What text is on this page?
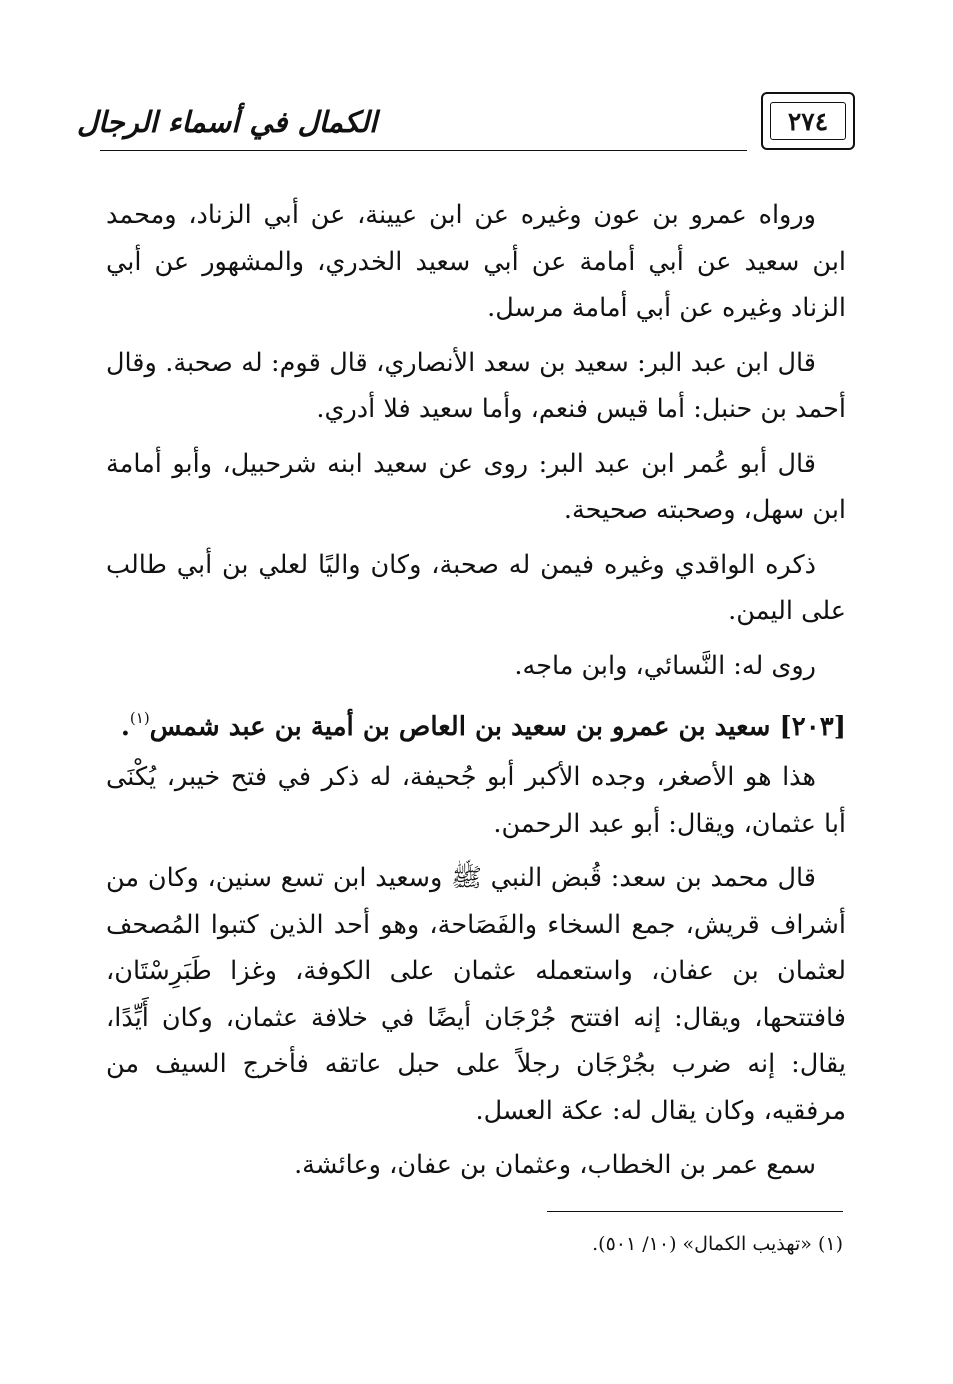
٢٧٤
الكمال في أسماء الرجال

ورواه عمرو بن عون وغيره عن ابن عيينة، عن أبي الزناد، ومحمد ابن سعيد عن أبي أمامة عن أبي سعيد الخدري، والمشهور عن أبي الزناد وغيره عن أبي أمامة مرسل.

قال ابن عبد البر: سعيد بن سعد الأنصاري، قال قوم: له صحبة. وقال أحمد بن حنبل: أما قيس فنعم، وأما سعيد فلا أدري.

قال أبو عُمر ابن عبد البر: روى عن سعيد ابنه شرحبيل، وأبو أمامة ابن سهل، وصحبته صحيحة.

ذكره الواقدي وغيره فيمن له صحبة، وكان واليًا لعلي بن أبي طالب على اليمن.

روى له: النَّسائي، وابن ماجه.

[٢٠٣] سعيد بن عمرو بن سعيد بن العاص بن أمية بن عبد شمس$^{(١)}$.

هذا هو الأصغر، وجده الأكبر أبو جُحيفة، له ذكر في فتح خيبر، يُكْنَى أبا عثمان، ويقال: أبو عبد الرحمن.

قال محمد بن سعد: قُبض النبي ﷺ وسعيد ابن تسع سنين، وكان من أشراف قريش، جمع السخاء والفَصَاحة، وهو أحد الذين كتبوا المُصحف لعثمان بن عفان، واستعمله عثمان على الكوفة، وغزا طَبَرِسْتَان، فافتتحها، ويقال: إنه افتتح جُرْجَان أيضًا في خلافة عثمان، وكان أَيِّدًا، يقال: إنه ضرب بجُرْجَان رجلاً على حبل عاتقه فأخرج السيف من مرفقيه، وكان يقال له: عكة العسل.

سمع عمر بن الخطاب، وعثمان بن عفان، وعائشة.

(١) «تهذيب الكمال» (١٠/ ٥٠١).
